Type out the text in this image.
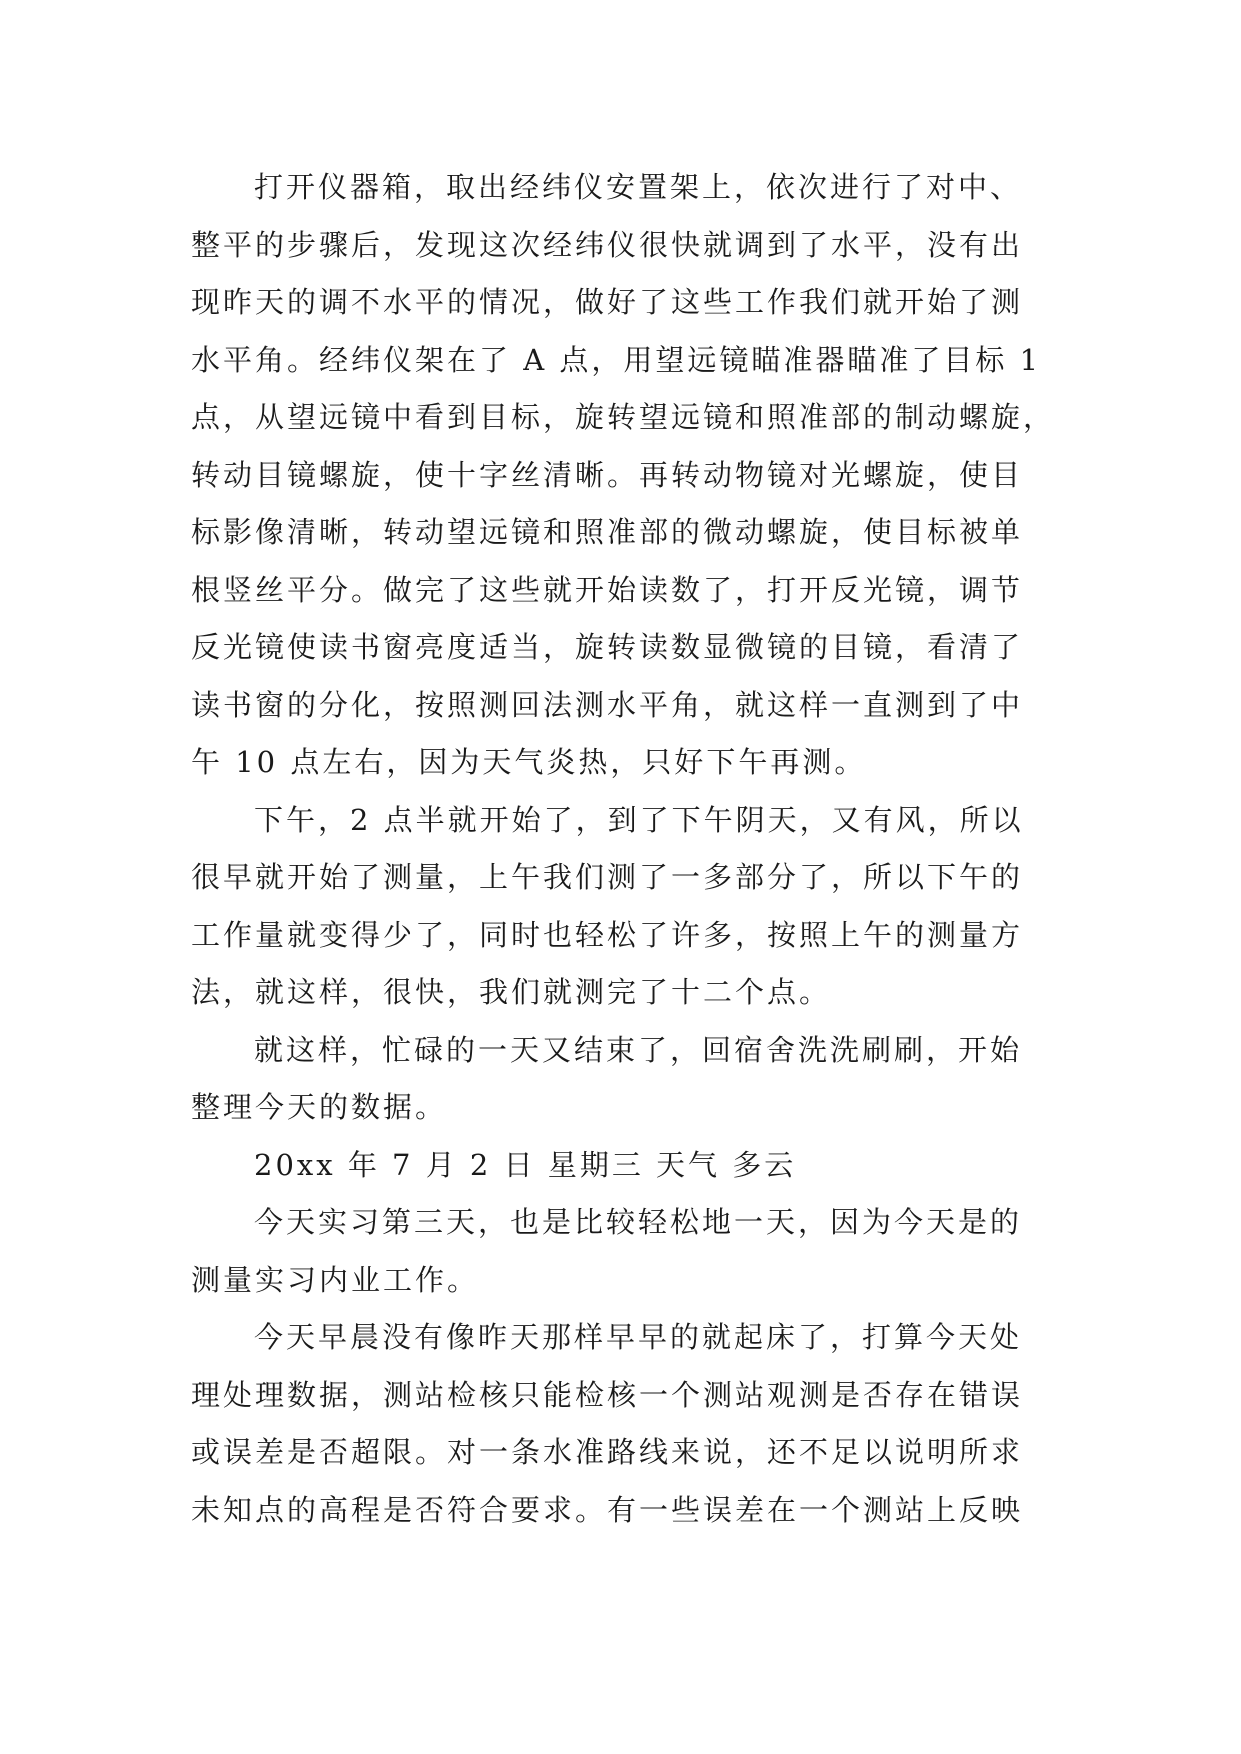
打开仪器箱，取出经纬仪安置架上，依次进行了对中、
整平的步骤后，发现这次经纬仪很快就调到了水平，没有出
现昨天的调不水平的情况，做好了这些工作我们就开始了测
水平角。经纬仪架在了 A 点，用望远镜瞄准器瞄准了目标 1
点，从望远镜中看到目标，旋转望远镜和照准部的制动螺旋，
转动目镜螺旋，使十字丝清晰。再转动物镜对光螺旋，使目
标影像清晰，转动望远镜和照准部的微动螺旋，使目标被单
根竖丝平分。做完了这些就开始读数了，打开反光镜，调节
反光镜使读书窗亮度适当，旋转读数显微镜的目镜，看清了
读书窗的分化，按照测回法测水平角，就这样一直测到了中
午 10 点左右，因为天气炎热，只好下午再测。
下午，2 点半就开始了，到了下午阴天，又有风，所以
很早就开始了测量，上午我们测了一多部分了，所以下午的
工作量就变得少了，同时也轻松了许多，按照上午的测量方
法，就这样，很快，我们就测完了十二个点。
就这样，忙碌的一天又结束了，回宿舍洗洗刷刷，开始
整理今天的数据。
20xx 年 7 月 2 日 星期三 天气 多云
今天实习第三天，也是比较轻松地一天，因为今天是的
测量实习内业工作。
今天早晨没有像昨天那样早早的就起床了，打算今天处
理处理数据，测站检核只能检核一个测站观测是否存在错误
或误差是否超限。对一条水准路线来说，还不足以说明所求
未知点的高程是否符合要求。有一些误差在一个测站上反映
